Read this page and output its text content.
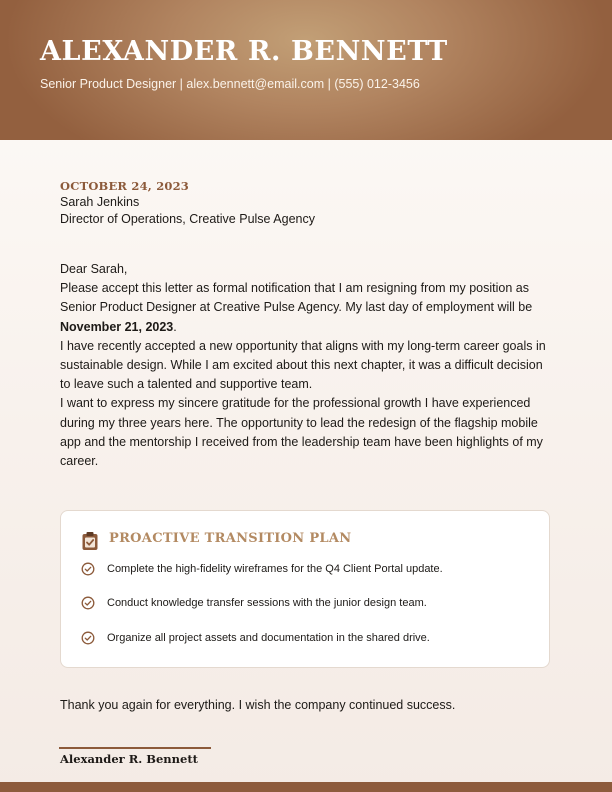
ALEXANDER R. BENNETT
Senior Product Designer | alex.bennett@email.com | (555) 012-3456
OCTOBER 24, 2023
Sarah Jenkins
Director of Operations, Creative Pulse Agency

Dear Sarah,

Please accept this letter as formal notification that I am resigning from my position as Senior Product Designer at Creative Pulse Agency. My last day of employment will be November 21, 2023.

I have recently accepted a new opportunity that aligns with my long-term career goals in sustainable design. While I am excited about this next chapter, it was a difficult decision to leave such a talented and supportive team.

I want to express my sincere gratitude for the professional growth I have experienced during my three years here. The opportunity to lead the redesign of the flagship mobile app and the mentorship I received from the leadership team have been highlights of my career.

PROACTIVE TRANSITION PLAN
Complete the high-fidelity wireframes for the Q4 Client Portal update.
Conduct knowledge transfer sessions with the junior design team.
Organize all project assets and documentation in the shared drive.
Thank you again for everything. I wish the company continued success.
Alexander R. Bennett
